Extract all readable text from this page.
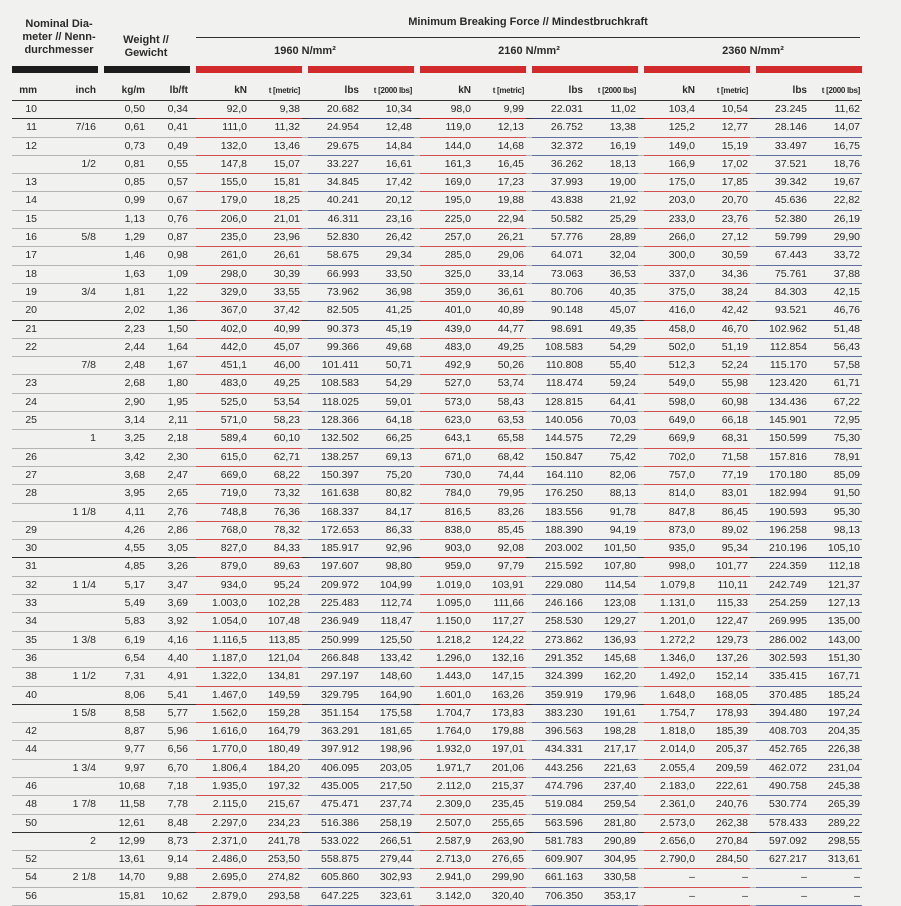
Nominal Dia-
meter // Nenn-
durchmesser
Weight //
Gewicht
Minimum Breaking Force // Mindestbruchkraft
1960 N/mm²	2160 N/mm²	2360 N/mm²
mm	inch		kg/m	lb/ft		kN	t [metric]		lbs	t [2000 lbs]		kN	t [metric]		lbs	t [2000 lbs]		kN	t [metric]		lbs	t [2000 lbs]
10			0,50	0,34		92,0	9,38		20.682	10,34		98,0	9,99		22.031	11,02		103,4	10,54		23.245	11,62
11	7/16		0,61	0,41		111,0	11,32		24.954	12,48		119,0	12,13		26.752	13,38		125,2	12,77		28.146	14,07
12			0,73	0,49		132,0	13,46		29.675	14,84		144,0	14,68		32.372	16,19		149,0	15,19		33.497	16,75
	1/2		0,81	0,55		147,8	15,07		33.227	16,61		161,3	16,45		36.262	18,13		166,9	17,02		37.521	18,76
13			0,85	0,57		155,0	15,81		34.845	17,42		169,0	17,23		37.993	19,00		175,0	17,85		39.342	19,67
14			0,99	0,67		179,0	18,25		40.241	20,12		195,0	19,88		43.838	21,92		203,0	20,70		45.636	22,82
15			1,13	0,76		206,0	21,01		46.311	23,16		225,0	22,94		50.582	25,29		233,0	23,76		52.380	26,19
16	5/8		1,29	0,87		235,0	23,96		52.830	26,42		257,0	26,21		57.776	28,89		266,0	27,12		59.799	29,90
17			1,46	0,98		261,0	26,61		58.675	29,34		285,0	29,06		64.071	32,04		300,0	30,59		67.443	33,72
18			1,63	1,09		298,0	30,39		66.993	33,50		325,0	33,14		73.063	36,53		337,0	34,36		75.761	37,88
19	3/4		1,81	1,22		329,0	33,55		73.962	36,98		359,0	36,61		80.706	40,35		375,0	38,24		84.303	42,15
20			2,02	1,36		367,0	37,42		82.505	41,25		401,0	40,89		90.148	45,07		416,0	42,42		93.521	46,76
21			2,23	1,50		402,0	40,99		90.373	45,19		439,0	44,77		98.691	49,35		458,0	46,70		102.962	51,48
22			2,44	1,64		442,0	45,07		99.366	49,68		483,0	49,25		108.583	54,29		502,0	51,19		112.854	56,43
	7/8		2,48	1,67		451,1	46,00		101.411	50,71		492,9	50,26		110.808	55,40		512,3	52,24		115.170	57,58
23			2,68	1,80		483,0	49,25		108.583	54,29		527,0	53,74		118.474	59,24		549,0	55,98		123.420	61,71
24			2,90	1,95		525,0	53,54		118.025	59,01		573,0	58,43		128.815	64,41		598,0	60,98		134.436	67,22
25			3,14	2,11		571,0	58,23		128.366	64,18		623,0	63,53		140.056	70,03		649,0	66,18		145.901	72,95
	1		3,25	2,18		589,4	60,10		132.502	66,25		643,1	65,58		144.575	72,29		669,9	68,31		150.599	75,30
26			3,42	2,30		615,0	62,71		138.257	69,13		671,0	68,42		150.847	75,42		702,0	71,58		157.816	78,91
27			3,68	2,47		669,0	68,22		150.397	75,20		730,0	74,44		164.110	82,06		757,0	77,19		170.180	85,09
28			3,95	2,65		719,0	73,32		161.638	80,82		784,0	79,95		176.250	88,13		814,0	83,01		182.994	91,50
	1 1/8		4,11	2,76		748,8	76,36		168.337	84,17		816,5	83,26		183.556	91,78		847,8	86,45		190.593	95,30
29			4,26	2,86		768,0	78,32		172.653	86,33		838,0	85,45		188.390	94,19		873,0	89,02		196.258	98,13
30			4,55	3,05		827,0	84,33		185.917	92,96		903,0	92,08		203.002	101,50		935,0	95,34		210.196	105,10
31			4,85	3,26		879,0	89,63		197.607	98,80		959,0	97,79		215.592	107,80		998,0	101,77		224.359	112,18
32	1 1/4		5,17	3,47		934,0	95,24		209.972	104,99		1.019,0	103,91		229.080	114,54		1.079,8	110,11		242.749	121,37
33			5,49	3,69		1.003,0	102,28		225.483	112,74		1.095,0	111,66		246.166	123,08		1.131,0	115,33		254.259	127,13
34			5,83	3,92		1.054,0	107,48		236.949	118,47		1.150,0	117,27		258.530	129,27		1.201,0	122,47		269.995	135,00
35	1 3/8		6,19	4,16		1.116,5	113,85		250.999	125,50		1.218,2	124,22		273.862	136,93		1.272,2	129,73		286.002	143,00
36			6,54	4,40		1.187,0	121,04		266.848	133,42		1.296,0	132,16		291.352	145,68		1.346,0	137,26		302.593	151,30
38	1 1/2		7,31	4,91		1.322,0	134,81		297.197	148,60		1.443,0	147,15		324.399	162,20		1.492,0	152,14		335.415	167,71
40			8,06	5,41		1.467,0	149,59		329.795	164,90		1.601,0	163,26		359.919	179,96		1.648,0	168,05		370.485	185,24
	1 5/8		8,58	5,77		1.562,0	159,28		351.154	175,58		1.704,7	173,83		383.230	191,61		1.754,7	178,93		394.480	197,24
42			8,87	5,96		1.616,0	164,79		363.291	181,65		1.764,0	179,88		396.563	198,28		1.818,0	185,39		408.703	204,35
44			9,77	6,56		1.770,0	180,49		397.912	198,96		1.932,0	197,01		434.331	217,17		2.014,0	205,37		452.765	226,38
	1 3/4		9,97	6,70		1.806,4	184,20		406.095	203,05		1.971,7	201,06		443.256	221,63		2.055,4	209,59		462.072	231,04
46			10,68	7,18		1.935,0	197,32		435.005	217,50		2.112,0	215,37		474.796	237,40		2.183,0	222,61		490.758	245,38
48	1 7/8		11,58	7,78		2.115,0	215,67		475.471	237,74		2.309,0	235,45		519.084	259,54		2.361,0	240,76		530.774	265,39
50			12,61	8,48		2.297,0	234,23		516.386	258,19		2.507,0	255,65		563.596	281,80		2.573,0	262,38		578.433	289,22
	2		12,99	8,73		2.371,0	241,78		533.022	266,51		2.587,9	263,90		581.783	290,89		2.656,0	270,84		597.092	298,55
52			13,61	9,14		2.486,0	253,50		558.875	279,44		2.713,0	276,65		609.907	304,95		2.790,0	284,50		627.217	313,61
54	2 1/8		14,70	9,88		2.695,0	274,82		605.860	302,93		2.941,0	299,90		661.163	330,58		–	–		–	–
56			15,81	10,62		2.879,0	293,58		647.225	323,61		3.142,0	320,40		706.350	353,17		–	–		–	–
